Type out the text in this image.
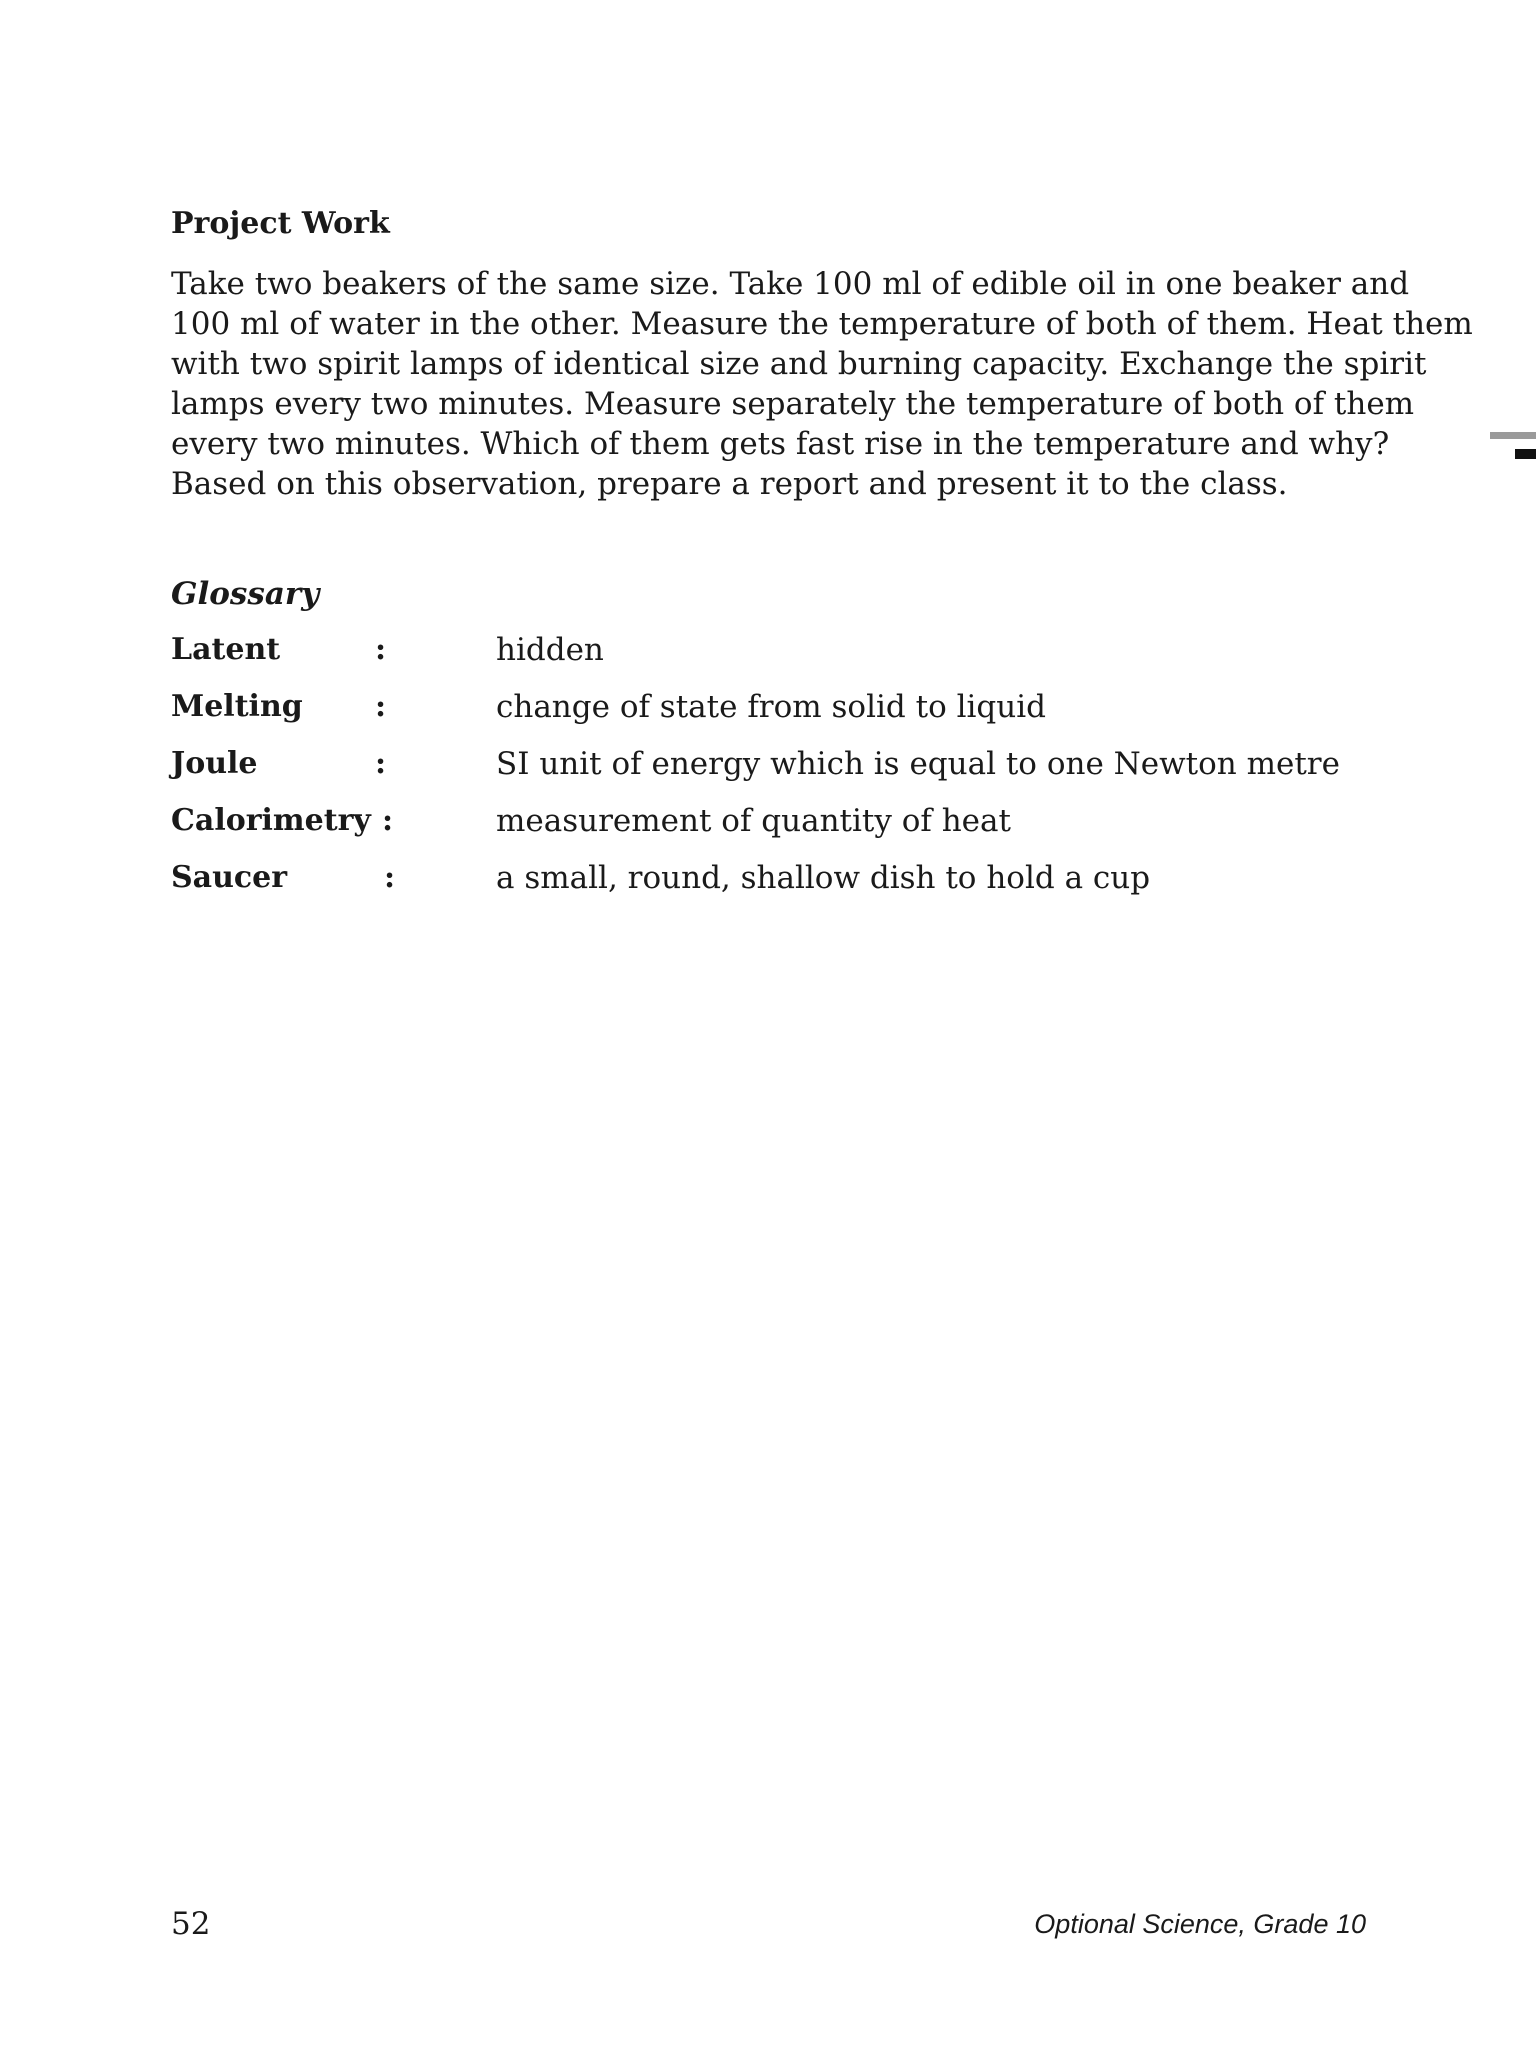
Project Work

Take two beakers of the same size. Take 100 ml of edible oil in one beaker and
100 ml of water in the other. Measure the temperature of both of them. Heat them
with two spirit lamps of identical size and burning capacity. Exchange the spirit
lamps every two minutes. Measure separately the temperature of both of them
every two minutes. Which of them gets fast rise in the temperature and why?
Based on this observation, prepare a report and present it to the class.

Glossary
Latent	:	hidden
Melting :	change of state from solid to liquid
Joule	:	SI unit of energy which is equal to one Newton metre
Calorimetry :	measurement of quantity of heat
Saucer	:	a small, round, shallow dish to hold a cup
52	Optional Science, Grade 10
